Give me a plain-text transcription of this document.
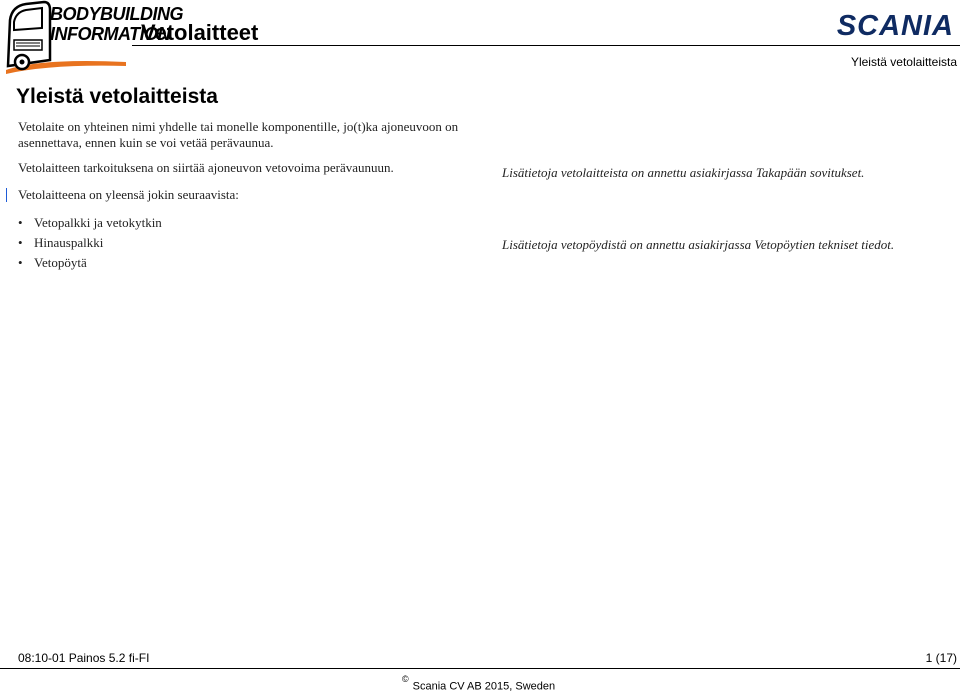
BODYBUILDING
INFORMATION
Vetolaitteet	SCANIA
Yleistä vetolaitteista
Yleistä vetolaitteista
Vetolaite on yhteinen nimi yhdelle tai monelle komponentille, jo(t)ka ajoneuvoon on asennettava, ennen kuin se voi vetää perävaunua.
Vetolaitteen tarkoituksena on siirtää ajoneuvon vetovoima perävaunuun.
Vetolaitteena on yleensä jokin seuraavista:
• Vetopalkki ja vetokytkin
• Hinauspalkki
• Vetopöytä
Lisätietoja vetolaitteista on annettu asiakirjassa Takapään sovitukset.
Lisätietoja vetopöydistä on annettu asiakirjassa Vetopöytien tekniset tiedot.
08:10-01 Painos 5.2 fi-FI	1 (17)
©Scania CV AB 2015, Sweden
